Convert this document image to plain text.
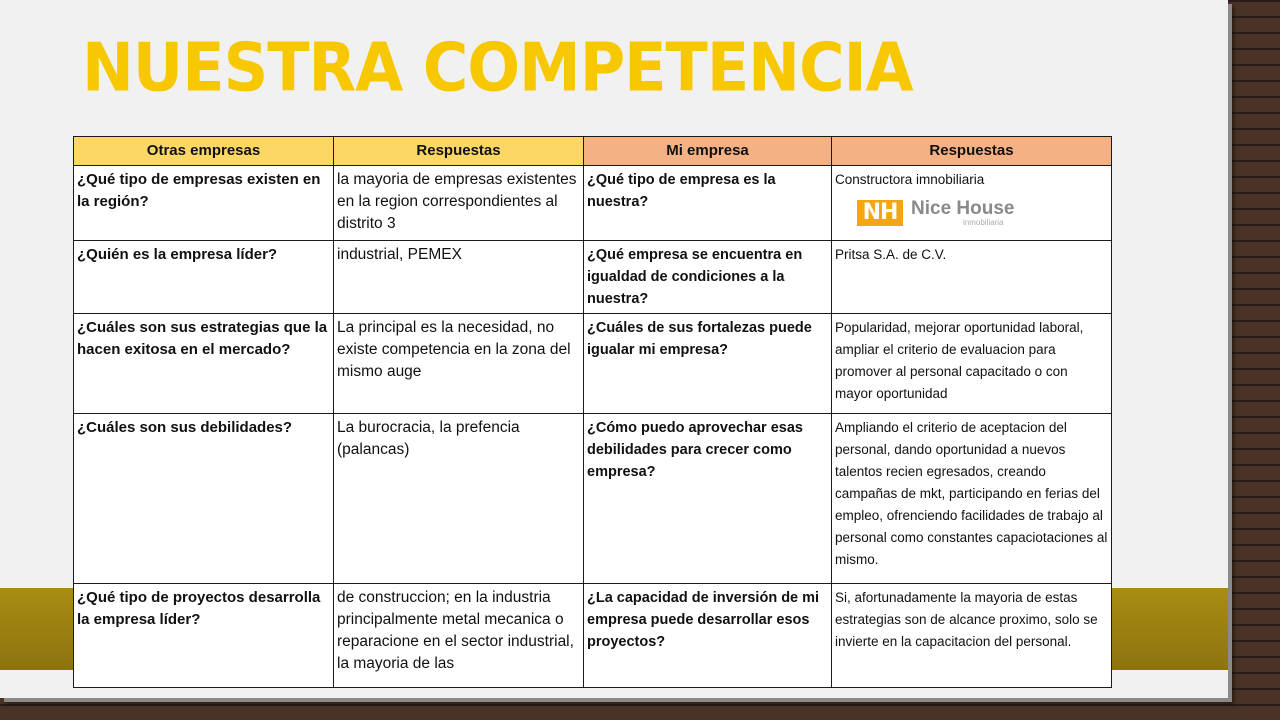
NUESTRA COMPETENCIA
Otras empresas	Respuestas	Mi empresa	Respuestas
¿Qué tipo de empresas existen en la región?	la mayoria de empresas existentes en la region correspondientes al distrito 3	¿Qué tipo de empresa es la nuestra?	Constructora imnobiliaria
NH Nice House
inmobiliaria

¿Quién es la empresa líder?	industrial, PEMEX	¿Qué empresa se encuentra en igualdad de condiciones a la nuestra?	Pritsa S.A. de C.V.
¿Cuáles son sus estrategias que la hacen exitosa en el mercado?	La principal es la necesidad, no existe competencia en la zona del mismo auge	¿Cuáles de sus fortalezas puede igualar mi empresa?	Popularidad, mejorar oportunidad laboral, ampliar el criterio de evaluacion para promover al personal capacitado o con mayor oportunidad
¿Cuáles son sus debilidades?	La burocracia, la prefencia (palancas)	¿Cómo puedo aprovechar esas debilidades para crecer como empresa?	Ampliando el criterio de aceptacion del personal, dando oportunidad a nuevos talentos recien egresados, creando campañas de mkt, participando en ferias del empleo, ofrenciendo facilidades de trabajo al personal como constantes capaciotaciones al mismo.
¿Qué tipo de proyectos desarrolla la empresa líder?	de construccion; en la industria principalmente metal mecanica o reparacione en el sector industrial, la mayoria de las	¿La capacidad de inversión de mi empresa puede desarrollar esos proyectos?	Si, afortunadamente la mayoria de estas estrategias son de alcance proximo, solo se invierte en la capacitacion del personal.
